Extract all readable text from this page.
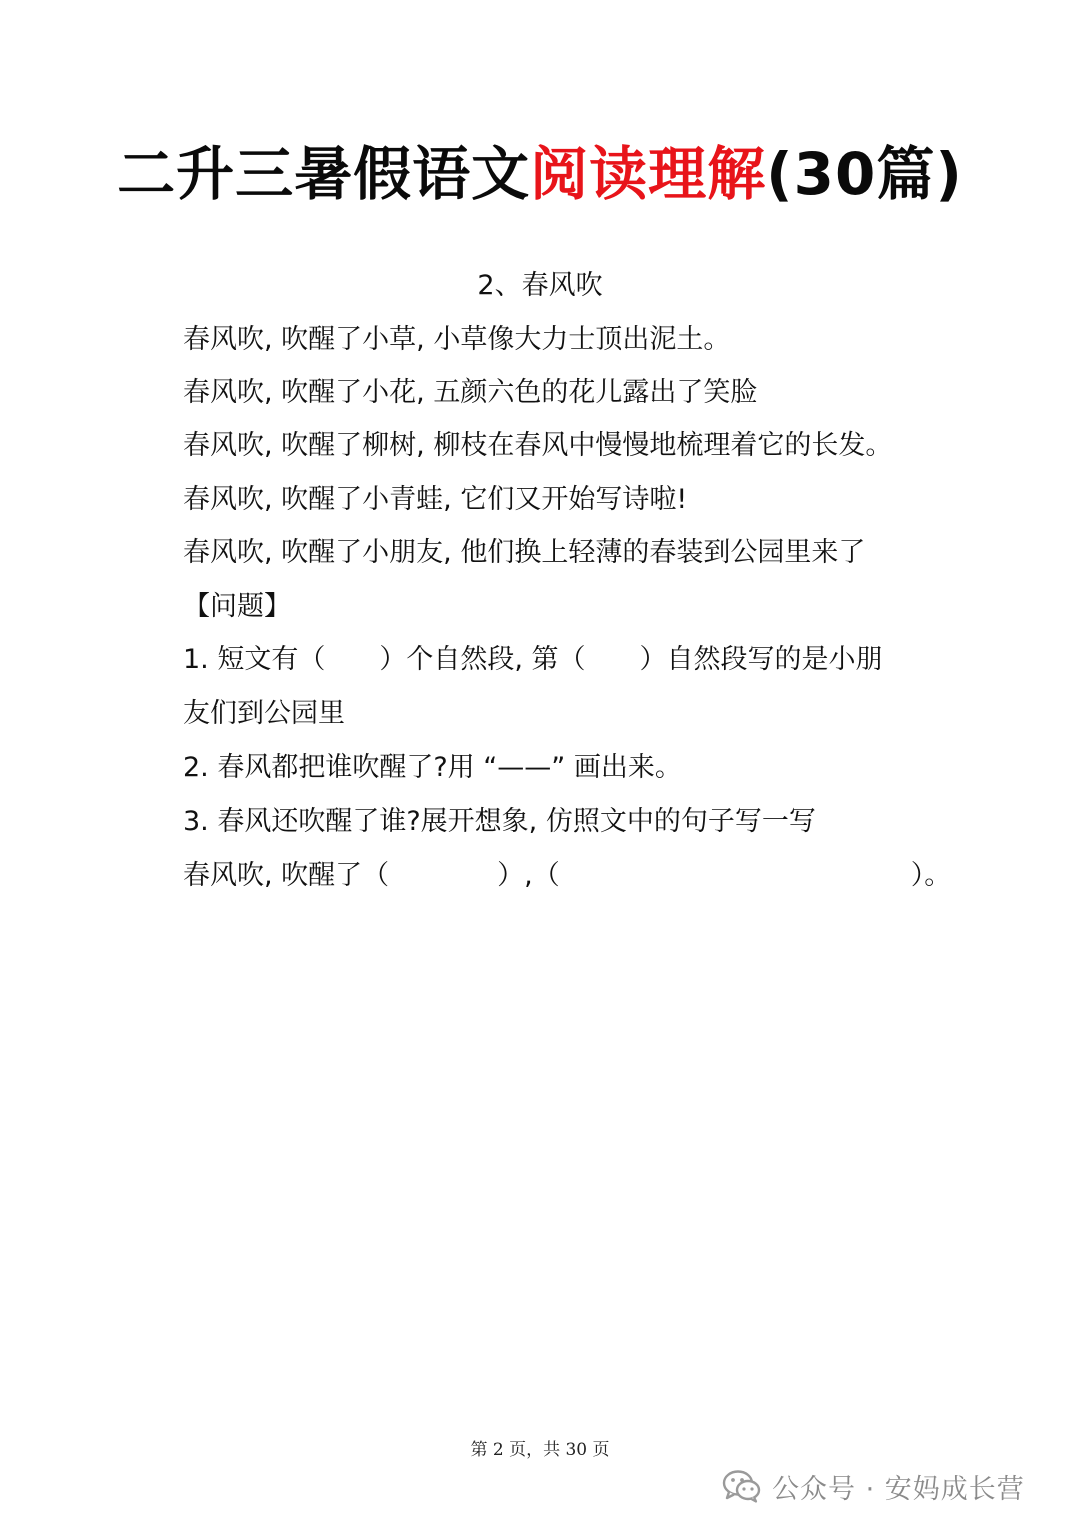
二升三暑假语文阅读理解(30篇)
2、春风吹
春风吹, 吹醒了小草, 小草像大力士顶出泥土。
春风吹, 吹醒了小花, 五颜六色的花儿露出了笑脸
春风吹, 吹醒了柳树, 柳枝在春风中慢慢地梳理着它的长发。
春风吹, 吹醒了小青蛙, 它们又开始写诗啦!
春风吹, 吹醒了小朋友, 他们换上轻薄的春装到公园里来了
【问题】
1. 短文有（　　）个自然段, 第（　　）自然段写的是小朋
友们到公园里
2. 春风都把谁吹醒了?用 “——” 画出来。
3. 春风还吹醒了谁?展开想象, 仿照文中的句子写一写
春风吹, 吹醒了（　　　　）,（　　　　　　　　　　　　　）。
第 2 页，共 30 页
公众号 · 安妈成长营
